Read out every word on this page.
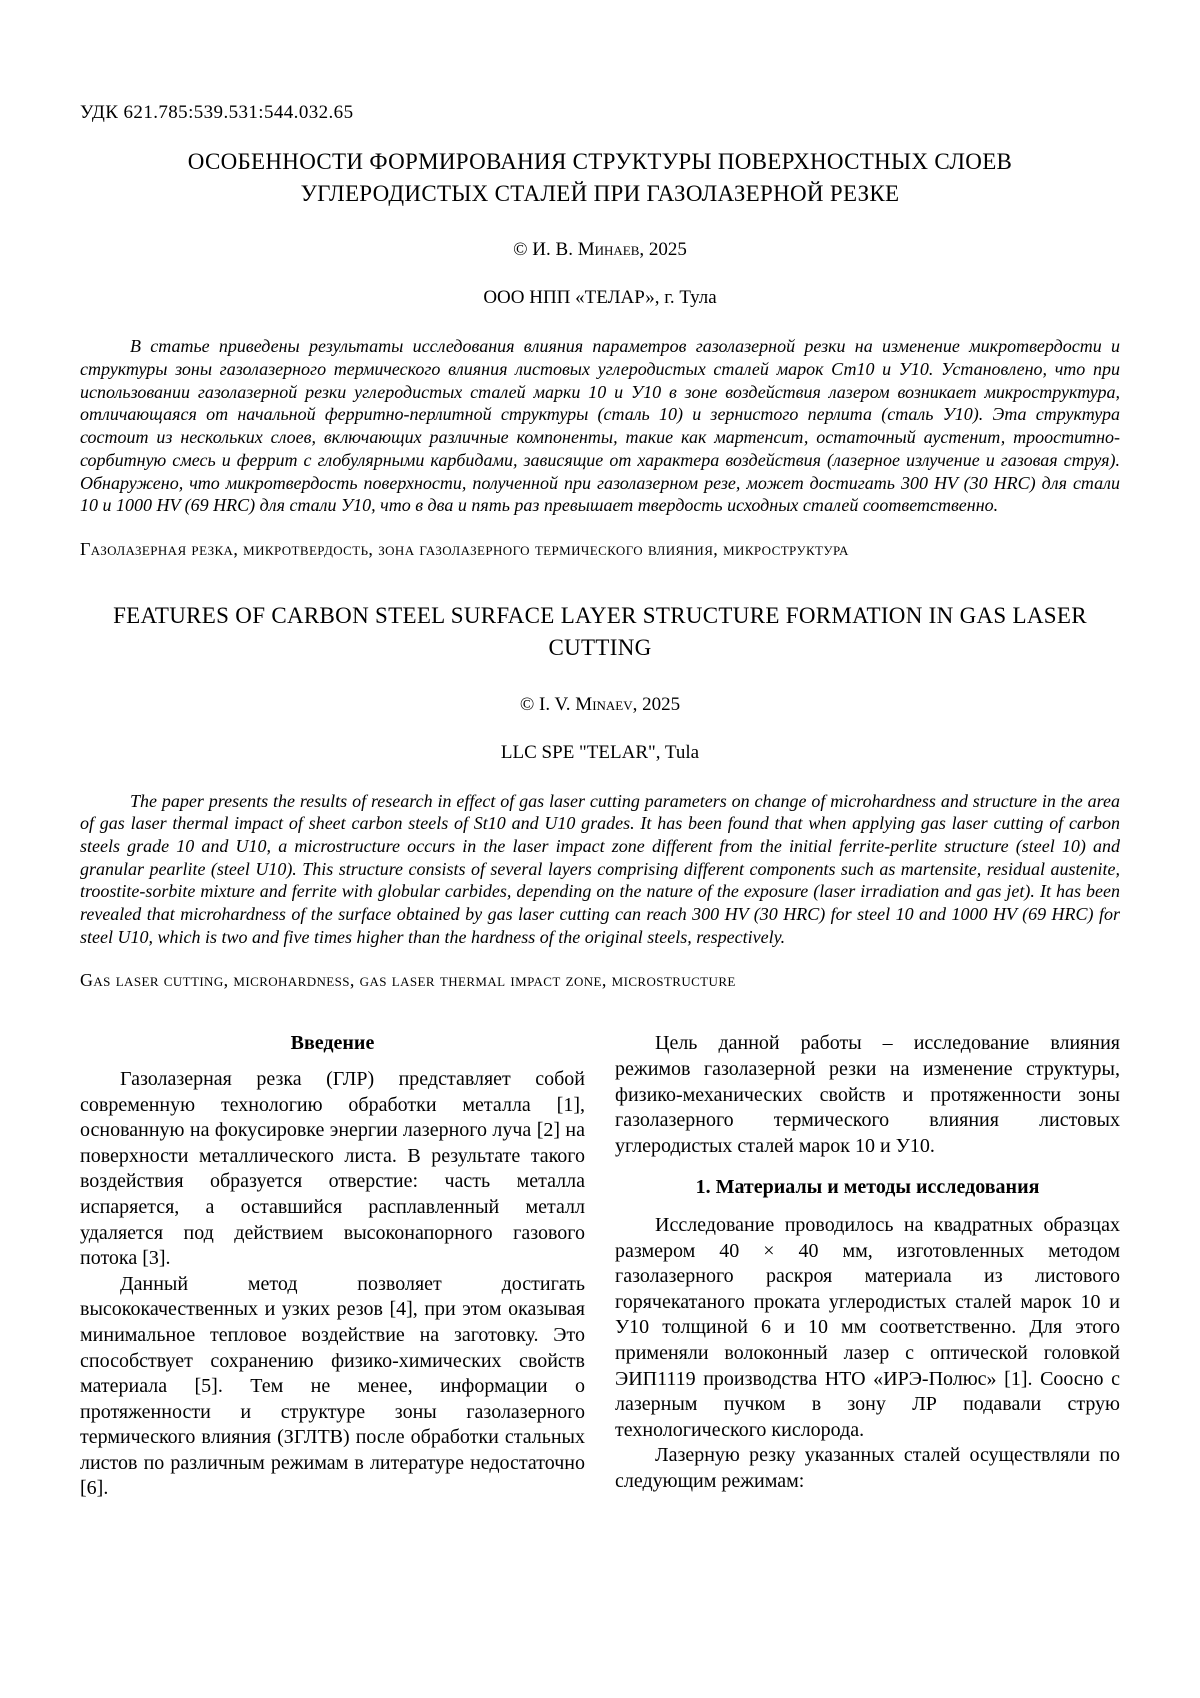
УДК 621.785:539.531:544.032.65
ОСОБЕННОСТИ ФОРМИРОВАНИЯ СТРУКТУРЫ ПОВЕРХНОСТНЫХ СЛОЕВ УГЛЕРОДИСТЫХ СТАЛЕЙ ПРИ ГАЗОЛАЗЕРНОЙ РЕЗКЕ
© И. В. Минаев, 2025
ООО НПП «ТЕЛАР», г. Тула

В статье приведены результаты исследования влияния параметров газолазерной резки на изменение микротвердости и структуры зоны газолазерного термического влияния листовых углеродистых сталей марок Ст10 и У10. Установлено, что при использовании газолазерной резки углеродистых сталей марки 10 и У10 в зоне воздействия лазером возникает микроструктура, отличающаяся от начальной ферритно-перлитной структуры (сталь 10) и зернистого перлита (сталь У10). Эта структура состоит из нескольких слоев, включающих различные компоненты, такие как мартенсит, остаточный аустенит, трооститно-сорбитную смесь и феррит с глобулярными карбидами, зависящие от характера воздействия (лазерное излучение и газовая струя). Обнаружено, что микротвердость поверхности, полученной при газолазерном резе, может достигать 300 HV (30 HRC) для стали 10 и 1000 HV (69 HRC) для стали У10, что в два и пять раз превышает твердость исходных сталей соответственно.

Газолазерная резка, микротвердость, зона газолазерного термического влияния, микроструктура
FEATURES OF CARBON STEEL SURFACE LAYER STRUCTURE FORMATION IN GAS LASER CUTTING
© I. V. Minaev, 2025
LLC SPE "TELAR", Tula

The paper presents the results of research in effect of gas laser cutting parameters on change of microhardness and structure in the area of gas laser thermal impact of sheet carbon steels of St10 and U10 grades. It has been found that when applying gas laser cutting of carbon steels grade 10 and U10, a microstructure occurs in the laser impact zone different from the initial ferrite-perlite structure (steel 10) and granular pearlite (steel U10). This structure consists of several layers comprising different components such as martensite, residual austenite, troostite-sorbite mixture and ferrite with globular carbides, depending on the nature of the exposure (laser irradiation and gas jet). It has been revealed that microhardness of the surface obtained by gas laser cutting can reach 300 HV (30 HRC) for steel 10 and 1000 HV (69 HRC) for steel U10, which is two and five times higher than the hardness of the original steels, respectively.

Gas laser cutting, microhardness, gas laser thermal impact zone, microstructure
Введение

Газолазерная резка (ГЛР) представляет собой современную технологию обработки металла [1], основанную на фокусировке энергии лазерного луча [2] на поверхности металлического листа. В результате такого воздействия образуется отверстие: часть металла испаряется, а оставшийся расплавленный металл удаляется под действием высоконапорного газового потока [3].

Данный метод позволяет достигать высококачественных и узких резов [4], при этом оказывая минимальное тепловое воздействие на заготовку. Это способствует сохранению физико-химических свойств материала [5]. Тем не менее, информации о протяженности и структуре зоны газолазерного термического влияния (ЗГЛТВ) после обработки стальных листов по различным режимам в литературе недостаточно [6].

Цель данной работы – исследование влияния режимов газолазерной резки на изменение структуры, физико-механических свойств и протяженности зоны газолазерного термического влияния листовых углеродистых сталей марок 10 и У10.

1. Материалы и методы исследования

Исследование проводилось на квадратных образцах размером 40 × 40 мм, изготовленных методом газолазерного раскроя материала из листового горячекатаного проката углеродистых сталей марок 10 и У10 толщиной 6 и 10 мм соответственно. Для этого применяли волоконный лазер с оптической головкой ЭИП1119 производства НТО «ИРЭ-Полюс» [1]. Соосно с лазерным пучком в зону ЛР подавали струю технологического кислорода.

Лазерную резку указанных сталей осуществляли по следующим режимам:
